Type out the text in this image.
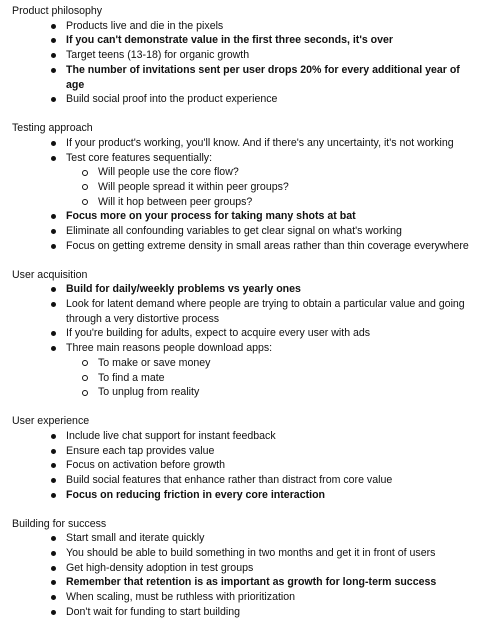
Product philosophy
Products live and die in the pixels
If you can't demonstrate value in the first three seconds, it's over
Target teens (13-18) for organic growth
The number of invitations sent per user drops 20% for every additional year of age
Build social proof into the product experience
Testing approach
If your product's working, you'll know. And if there's any uncertainty, it's not working
Test core features sequentially:
Will people use the core flow?
Will people spread it within peer groups?
Will it hop between peer groups?
Focus more on your process for taking many shots at bat
Eliminate all confounding variables to get clear signal on what's working
Focus on getting extreme density in small areas rather than thin coverage everywhere
User acquisition
Build for daily/weekly problems vs yearly ones
Look for latent demand where people are trying to obtain a particular value and going through a very distortive process
If you're building for adults, expect to acquire every user with ads
Three main reasons people download apps:
To make or save money
To find a mate
To unplug from reality
User experience
Include live chat support for instant feedback
Ensure each tap provides value
Focus on activation before growth
Build social features that enhance rather than distract from core value
Focus on reducing friction in every core interaction
Building for success
Start small and iterate quickly
You should be able to build something in two months and get it in front of users
Get high-density adoption in test groups
Remember that retention is as important as growth for long-term success
When scaling, must be ruthless with prioritization
Don't wait for funding to start building
